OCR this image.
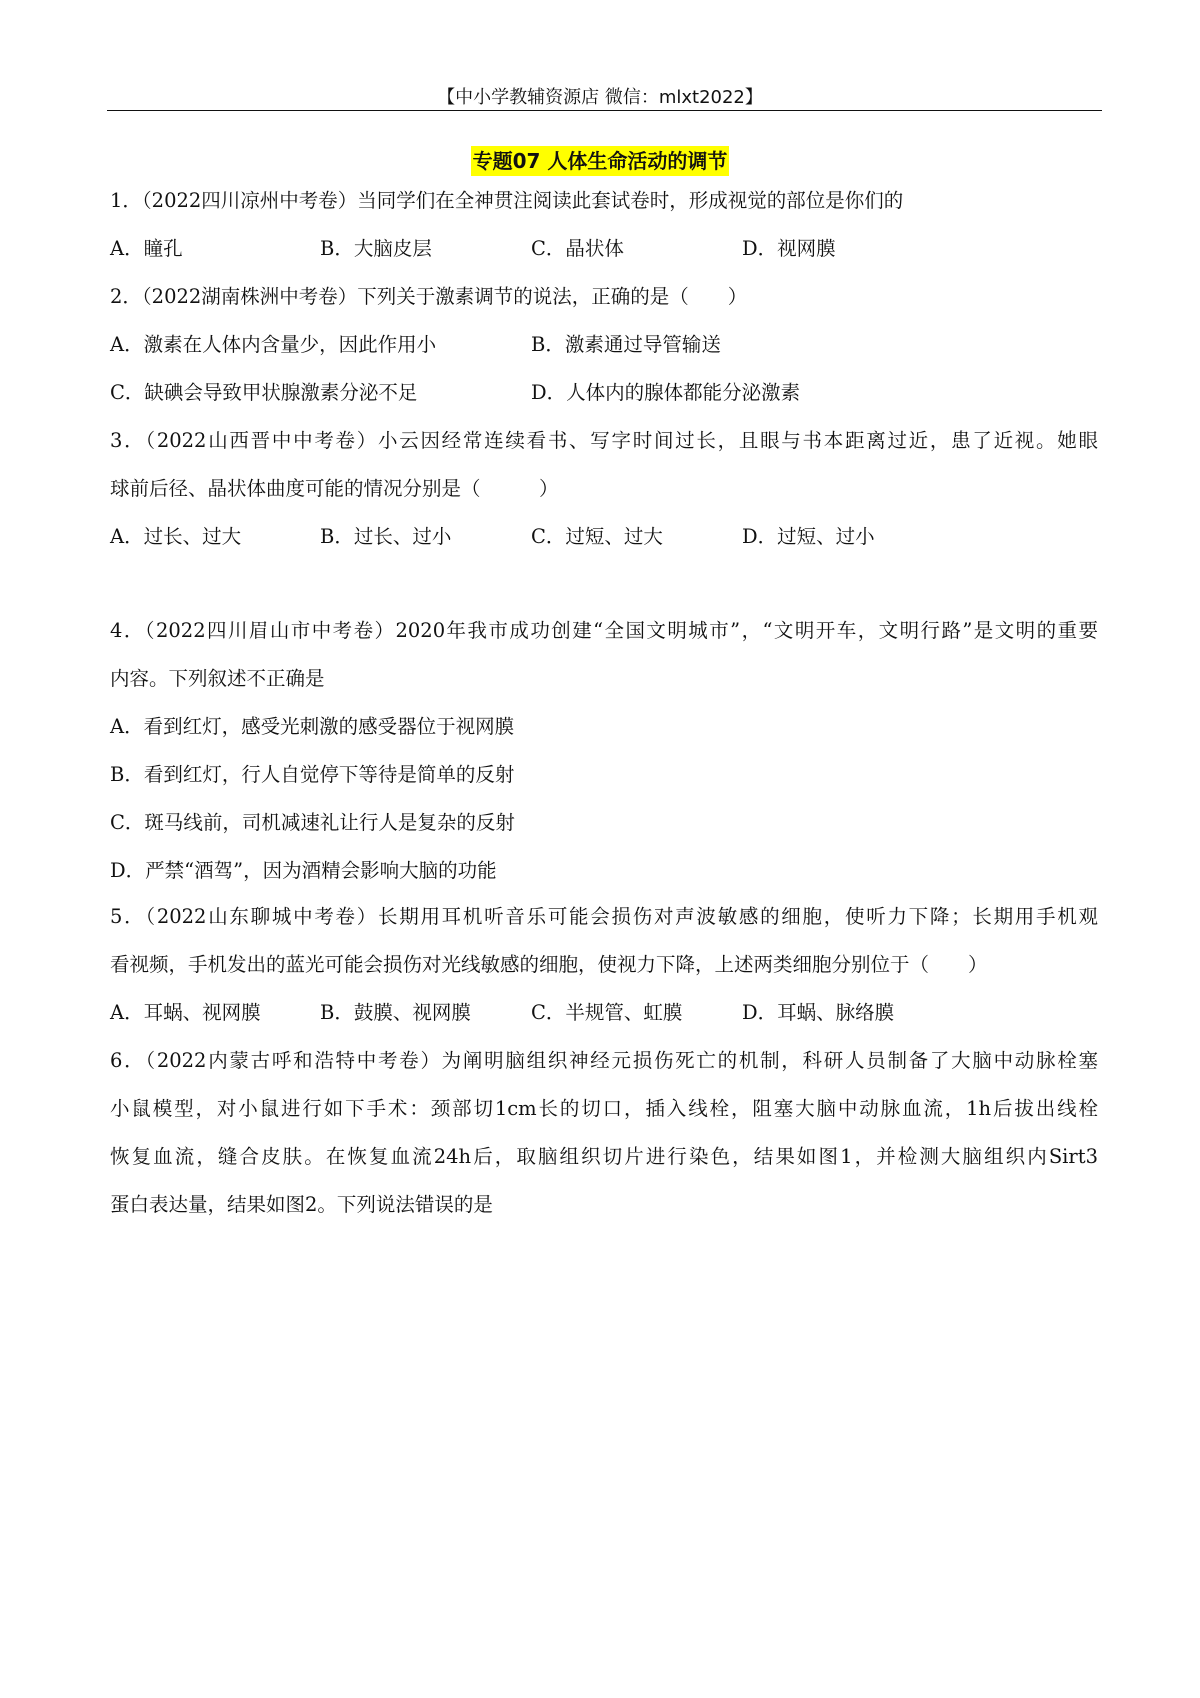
【中小学教辅资源店 微信：mlxt2022】
专题07 人体生命活动的调节
1．（2022四川凉州中考卷）当同学们在全神贯注阅读此套试卷时，形成视觉的部位是你们的
A．瞳孔	B．大脑皮层	C．晶状体	D．视网膜
2．（2022湖南株洲中考卷）下列关于激素调节的说法，正确的是（　　）
A．激素在人体内含量少，因此作用小	B．激素通过导管输送
C．缺碘会导致甲状腺激素分泌不足	D．人体内的腺体都能分泌激素
3．（2022山西晋中中考卷）小云因经常连续看书、写字时间过长，且眼与书本距离过近，患了近视。她眼
球前后径、晶状体曲度可能的情况分别是（　　　）
A．过长、过大	B．过长、过小	C．过短、过大	D．过短、过小
4．（2022四川眉山市中考卷）2020年我市成功创建“全国文明城市”，“文明开车，文明行路”是文明的重要
内容。下列叙述不正确是
A．看到红灯，感受光刺激的感受器位于视网膜
B．看到红灯，行人自觉停下等待是简单的反射
C．斑马线前，司机减速礼让行人是复杂的反射
D．严禁“酒驾”，因为酒精会影响大脑的功能
5．（2022山东聊城中考卷）长期用耳机听音乐可能会损伤对声波敏感的细胞，使听力下降；长期用手机观
看视频，手机发出的蓝光可能会损伤对光线敏感的细胞，使视力下降，上述两类细胞分别位于（　　）
A．耳蜗、视网膜	B．鼓膜、视网膜	C．半规管、虹膜	D．耳蜗、脉络膜
6．（2022内蒙古呼和浩特中考卷）为阐明脑组织神经元损伤死亡的机制，科研人员制备了大脑中动脉栓塞
小鼠模型，对小鼠进行如下手术：颈部切1cm长的切口，插入线栓，阻塞大脑中动脉血流，1h后拔出线栓
恢复血流，缝合皮肤。在恢复血流24h后，取脑组织切片进行染色，结果如图1，并检测大脑组织内Sirt3
蛋白表达量，结果如图2。下列说法错误的是
